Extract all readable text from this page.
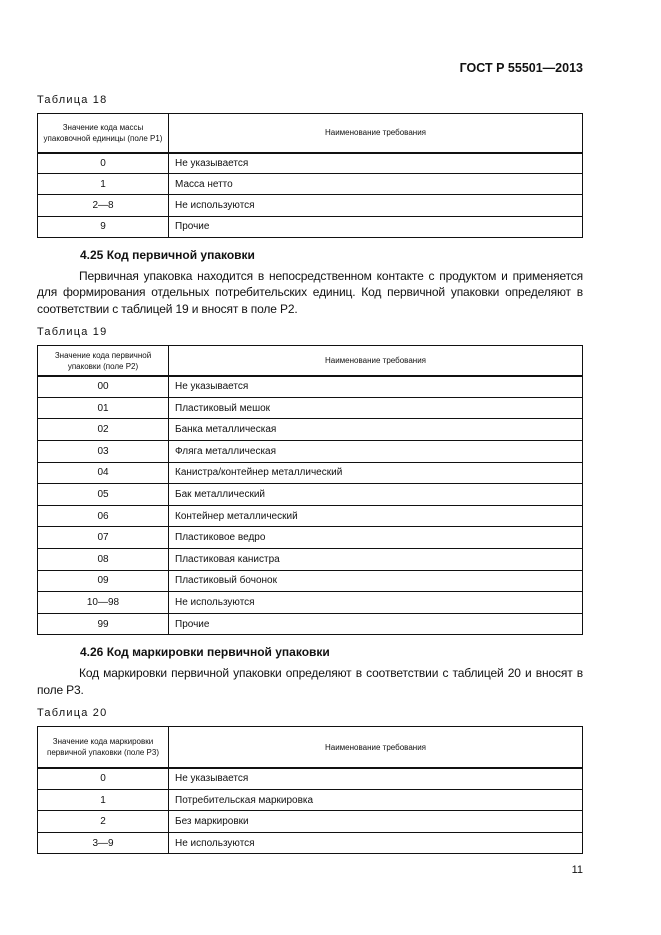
ГОСТ Р 55501—2013
Таблица 18
Значение кода массы упаковочной единицы (поле Р1)	Наименование требования
0	Не указывается
1	Масса нетто
2—8	Не используются
9	Прочие
4.25 Код первичной упаковки
Первичная упаковка находится в непосредственном контакте с продуктом и применяется для формирования отдельных потребительских единиц. Код первичной упаковки определяют в соответствии с таблицей 19 и вносят в поле Р2.
Таблица 19
Значение кода первичной упаковки (поле Р2)	Наименование требования
00	Не указывается
01	Пластиковый мешок
02	Банка металлическая
03	Фляга металлическая
04	Канистра/контейнер металлический
05	Бак металлический
06	Контейнер металлический
07	Пластиковое ведро
08	Пластиковая канистра
09	Пластиковый бочонок
10—98	Не используются
99	Прочие
4.26 Код маркировки первичной упаковки
Код маркировки первичной упаковки определяют в соответствии с таблицей 20 и вносят в поле Р3.
Таблица 20
Значение кода маркировки первичной упаковки (поле Р3)	Наименование требования
0	Не указывается
1	Потребительская маркировка
2	Без маркировки
3—9	Не используются
11
